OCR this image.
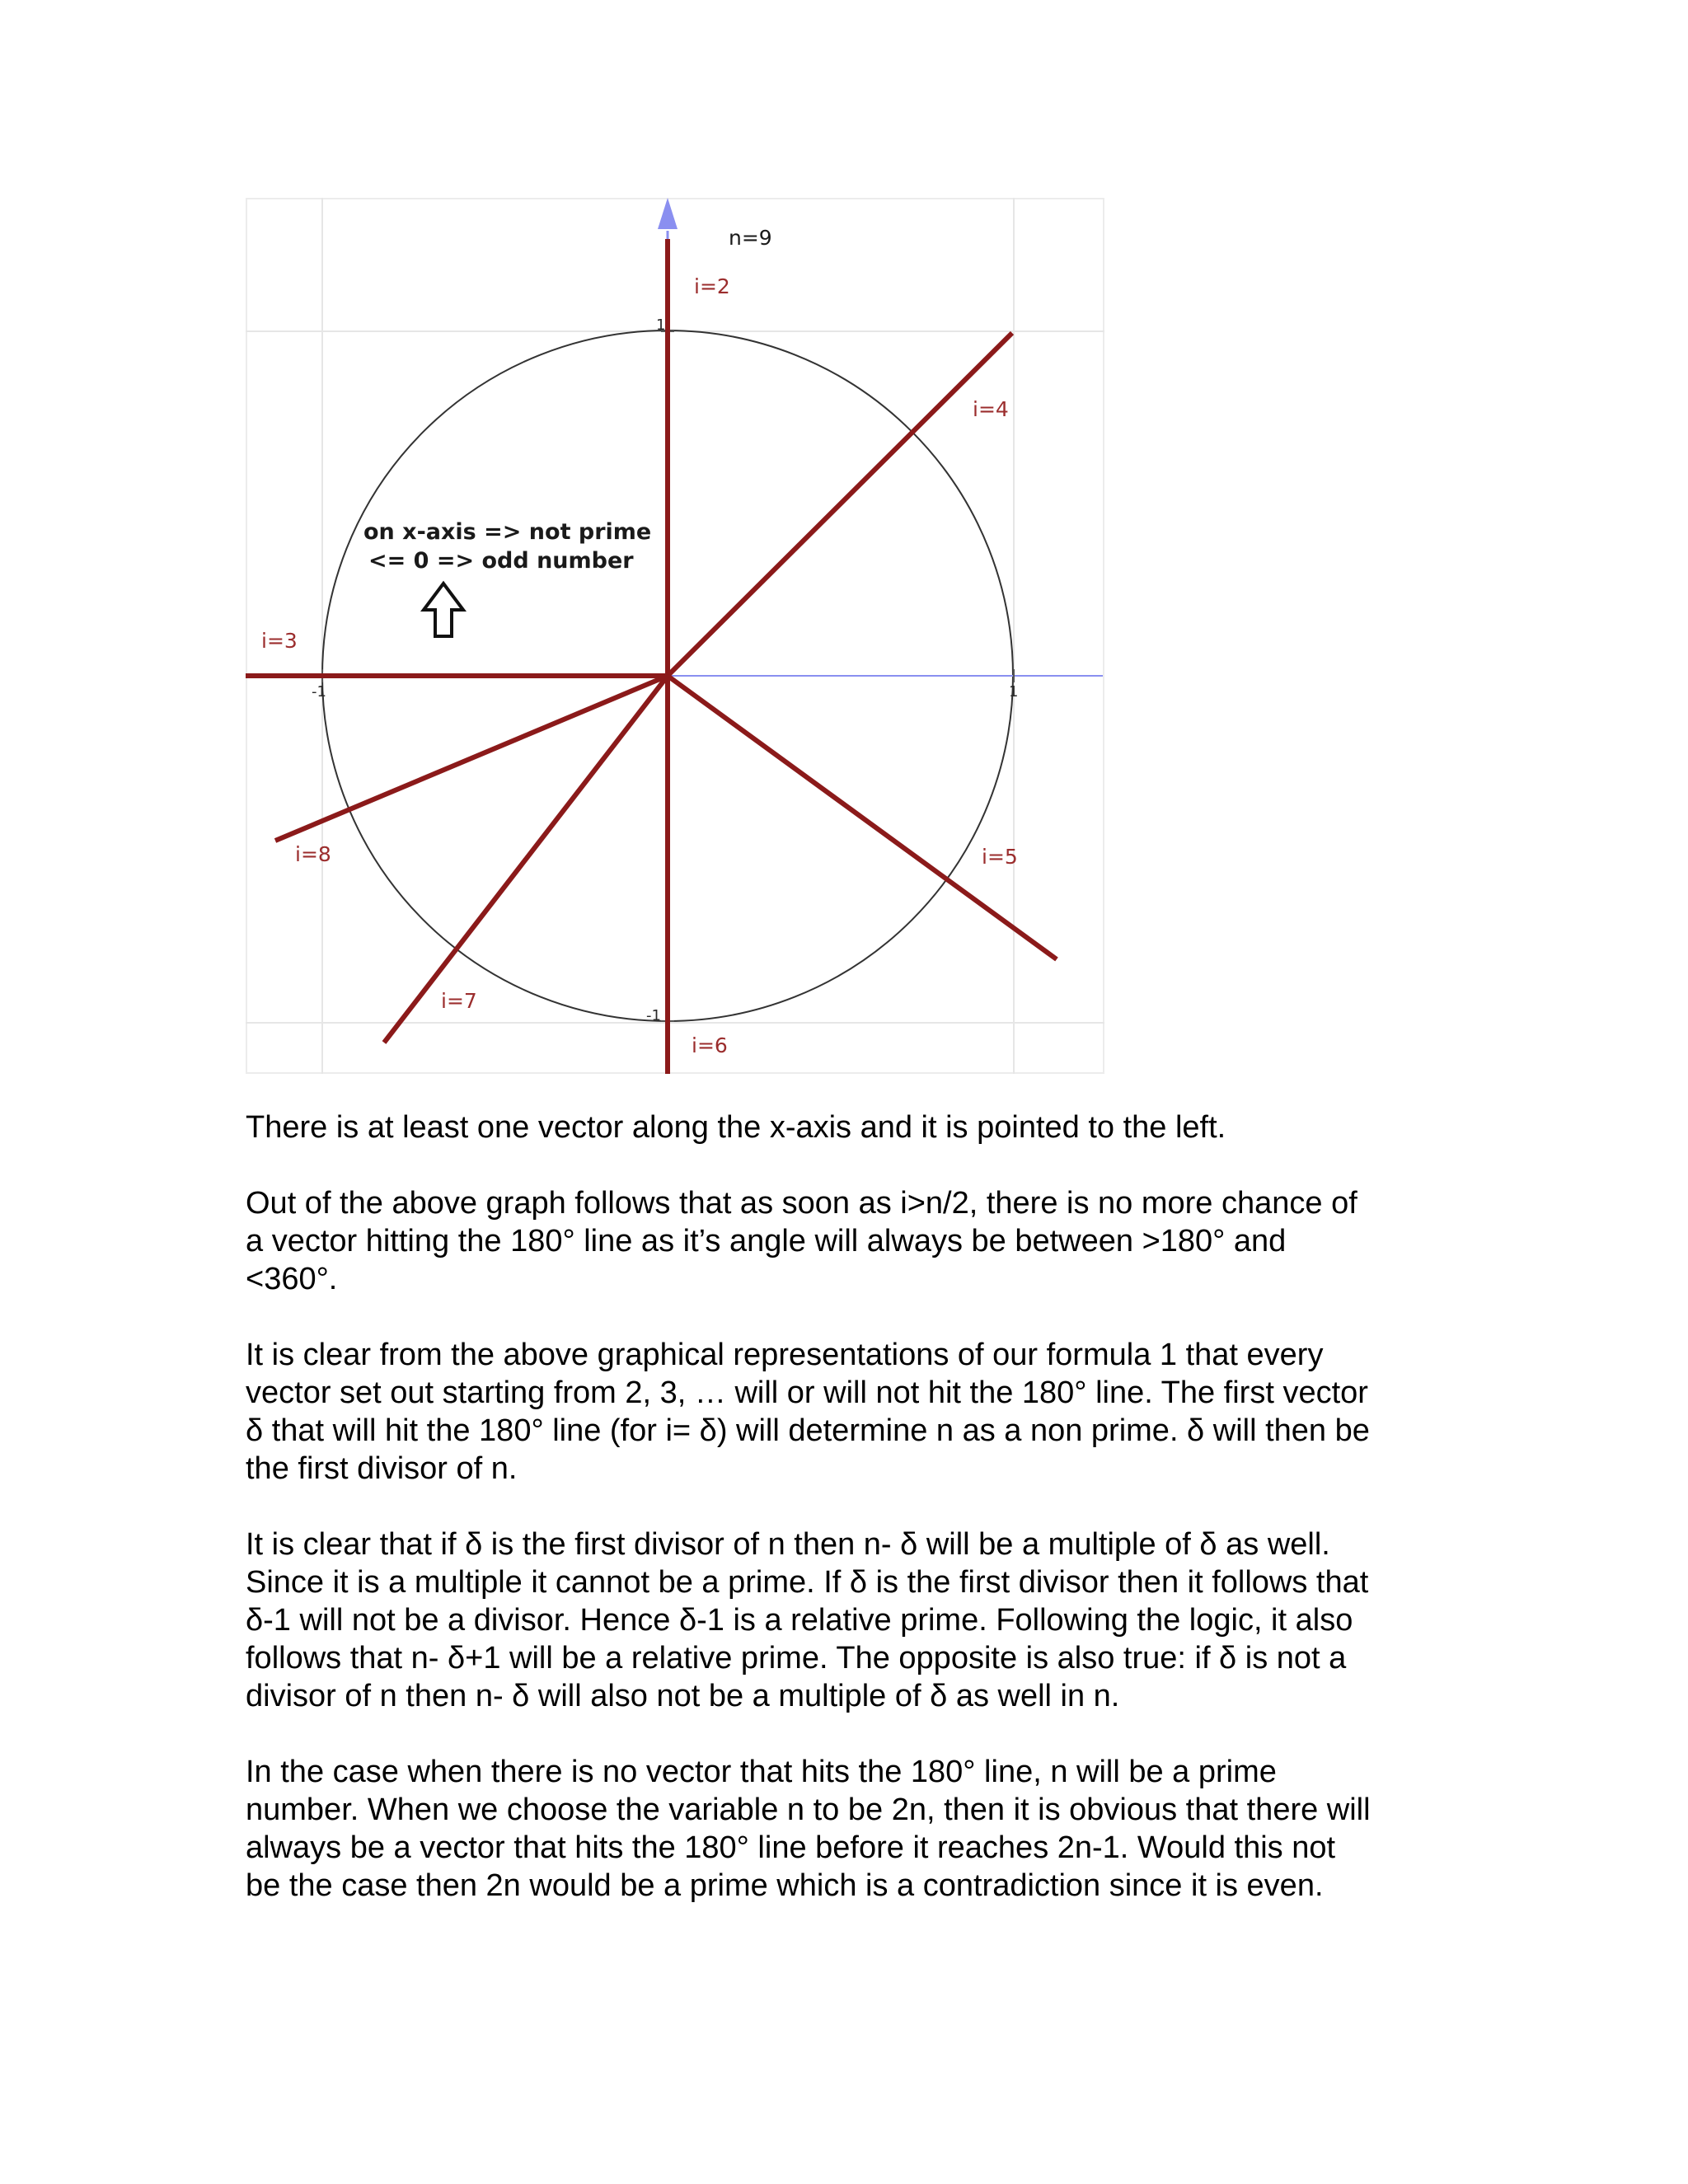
1
-1
-1	1
n=9
i=2
i=3
i=4
i=5
i=6
i=7
i=8
on x-axis => not prime
<= 0 => odd number

There is at least one vector along the x-axis and it is pointed to the left.

Out of the above graph follows that as soon as i>n/2, there is no more chance of
a vector hitting the 180° line as it’s angle will always be between >180° and
<360°.

It is clear from the above graphical representations of our formula 1 that every
vector set out starting from 2, 3, … will or will not hit the 180° line. The first vector
δ that will hit the 180° line (for i= δ) will determine n as a non prime. δ will then be
the first divisor of n.

It is clear that if δ is the first divisor of n then n- δ will be a multiple of δ as well.
Since it is a multiple it cannot be a prime. If δ is the first divisor then it follows that
δ-1 will not be a divisor. Hence δ-1 is a relative prime. Following the logic, it also
follows that n- δ+1 will be a relative prime. The opposite is also true: if δ is not a
divisor of n then n- δ will also not be a multiple of δ as well in n.

In the case when there is no vector that hits the 180° line, n will be a prime
number. When we choose the variable n to be 2n, then it is obvious that there will
always be a vector that hits the 180° line before it reaches 2n-1. Would this not
be the case then 2n would be a prime which is a contradiction since it is even.
